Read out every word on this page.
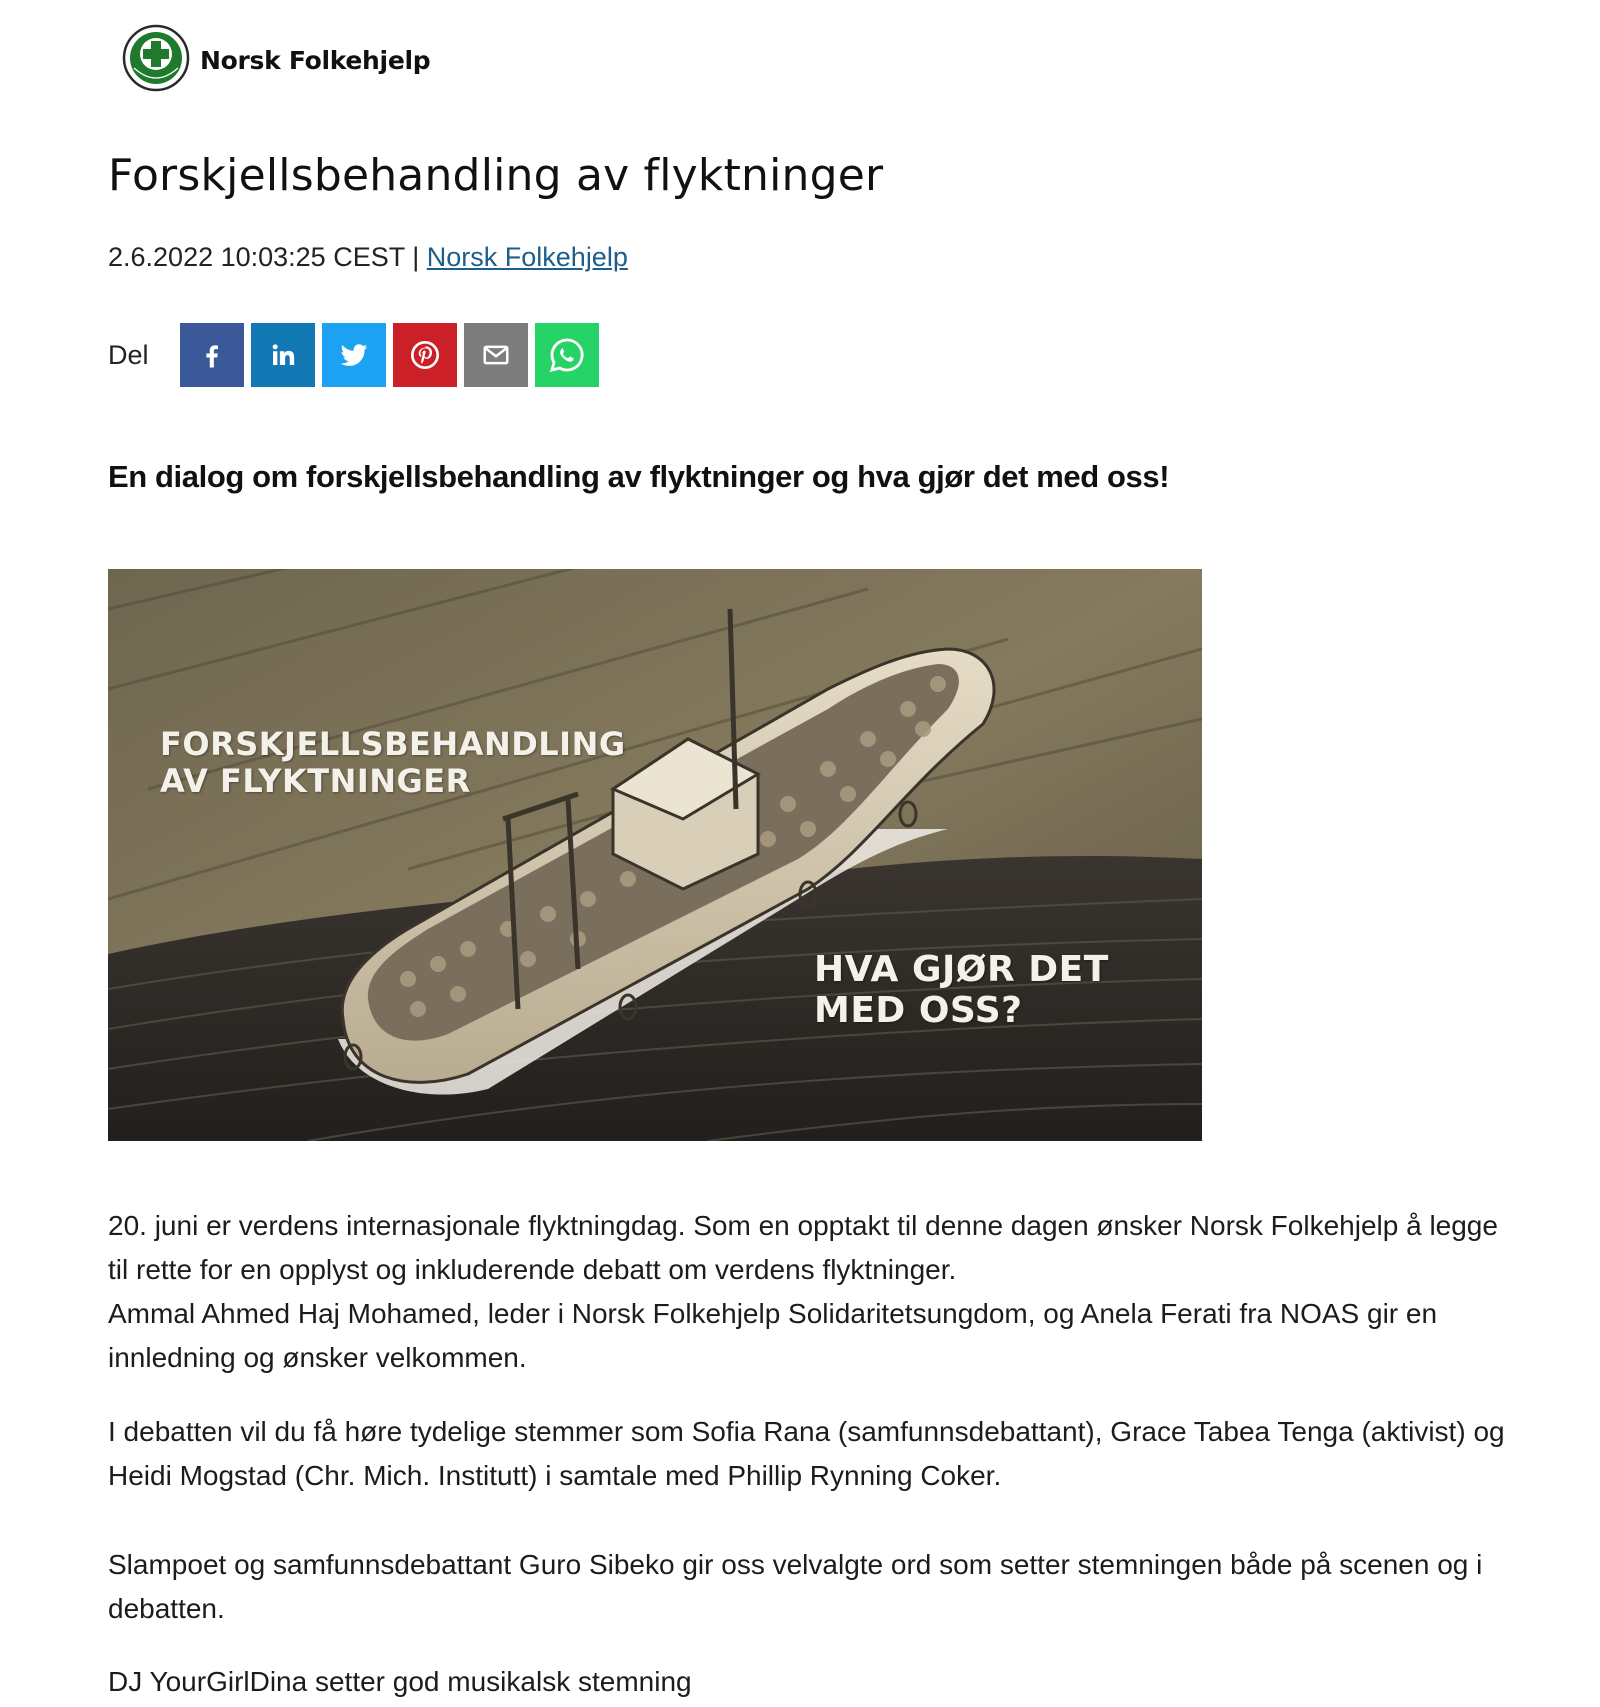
Norsk Folkehjelp
Forskjellsbehandling av flyktninger
2.6.2022 10:03:25 CEST | Norsk Folkehjelp
Del

En dialog om forskjellsbehandling av flyktninger og hva gjør det med oss!

FORSKJELLSBEHANDLING
AV FLYKTNINGER
HVA GJØR DET
MED OSS?

20. juni er verdens internasjonale flyktningdag. Som en opptakt til denne dagen ønsker Norsk Folkehjelp å legge til rette for en opplyst og inkluderende debatt om verdens flyktninger.

Ammal Ahmed Haj Mohamed, leder i Norsk Folkehjelp Solidaritetsungdom, og Anela Ferati fra NOAS gir en innledning og ønsker velkommen.

I debatten vil du få høre tydelige stemmer som Sofia Rana (samfunnsdebattant), Grace Tabea Tenga (aktivist) og Heidi Mogstad (Chr. Mich. Institutt) i samtale med Phillip Rynning Coker.

Slampoet og samfunnsdebattant Guro Sibeko gir oss velvalgte ord som setter stemningen både på scenen og i debatten.

DJ YourGirlDina setter god musikalsk stemning
